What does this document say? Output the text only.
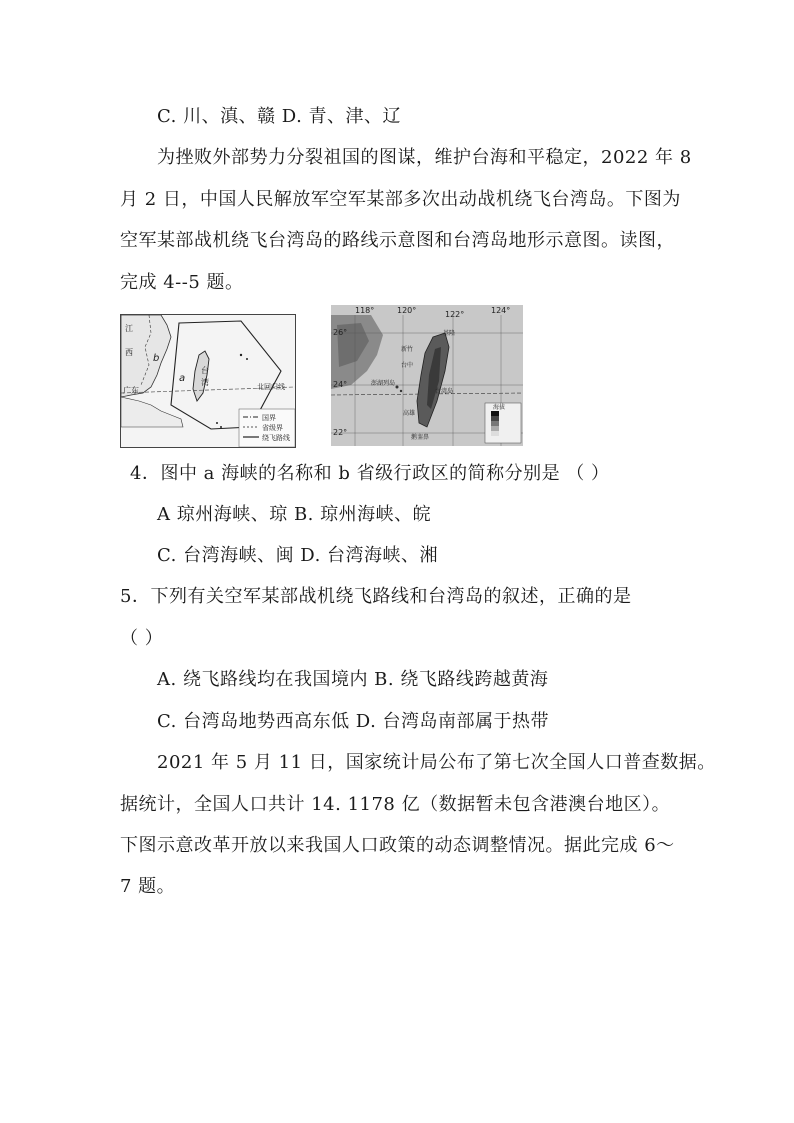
C. 川、滇、赣 D. 青、津、辽
为挫败外部势力分裂祖国的图谋，维护台海和平稳定，2022 年 8
月 2 日，中国人民解放军空军某部多次出动战机绕飞台湾岛。下图为
空军某部战机绕飞台湾岛的路线示意图和台湾岛地形示意图。读图，
完成 4--5 题。
江
西
b
a
台
湾
广东	北回归线
国界
省级界
绕飞路线
118°	120°	122°	124°
26°
24°
22°
基隆
新竹
台中
澎湖列岛
台湾岛
高雄
鹅銮鼻
海拔
4．图中 a 海峡的名称和 b 省级行政区的简称分别是 （ ）
A 琼州海峡、琼 B. 琼州海峡、皖
C. 台湾海峡、闽 D. 台湾海峡、湘
5．下列有关空军某部战机绕飞路线和台湾岛的叙述，正确的是
（ ）
A. 绕飞路线均在我国境内 B. 绕飞路线跨越黄海
C. 台湾岛地势西高东低 D. 台湾岛南部属于热带
2021 年 5 月 11 日，国家统计局公布了第七次全国人口普查数据。
据统计，全国人口共计 14. 1178 亿（数据暂未包含港澳台地区）。
下图示意改革开放以来我国人口政策的动态调整情况。据此完成 6～
7 题。
